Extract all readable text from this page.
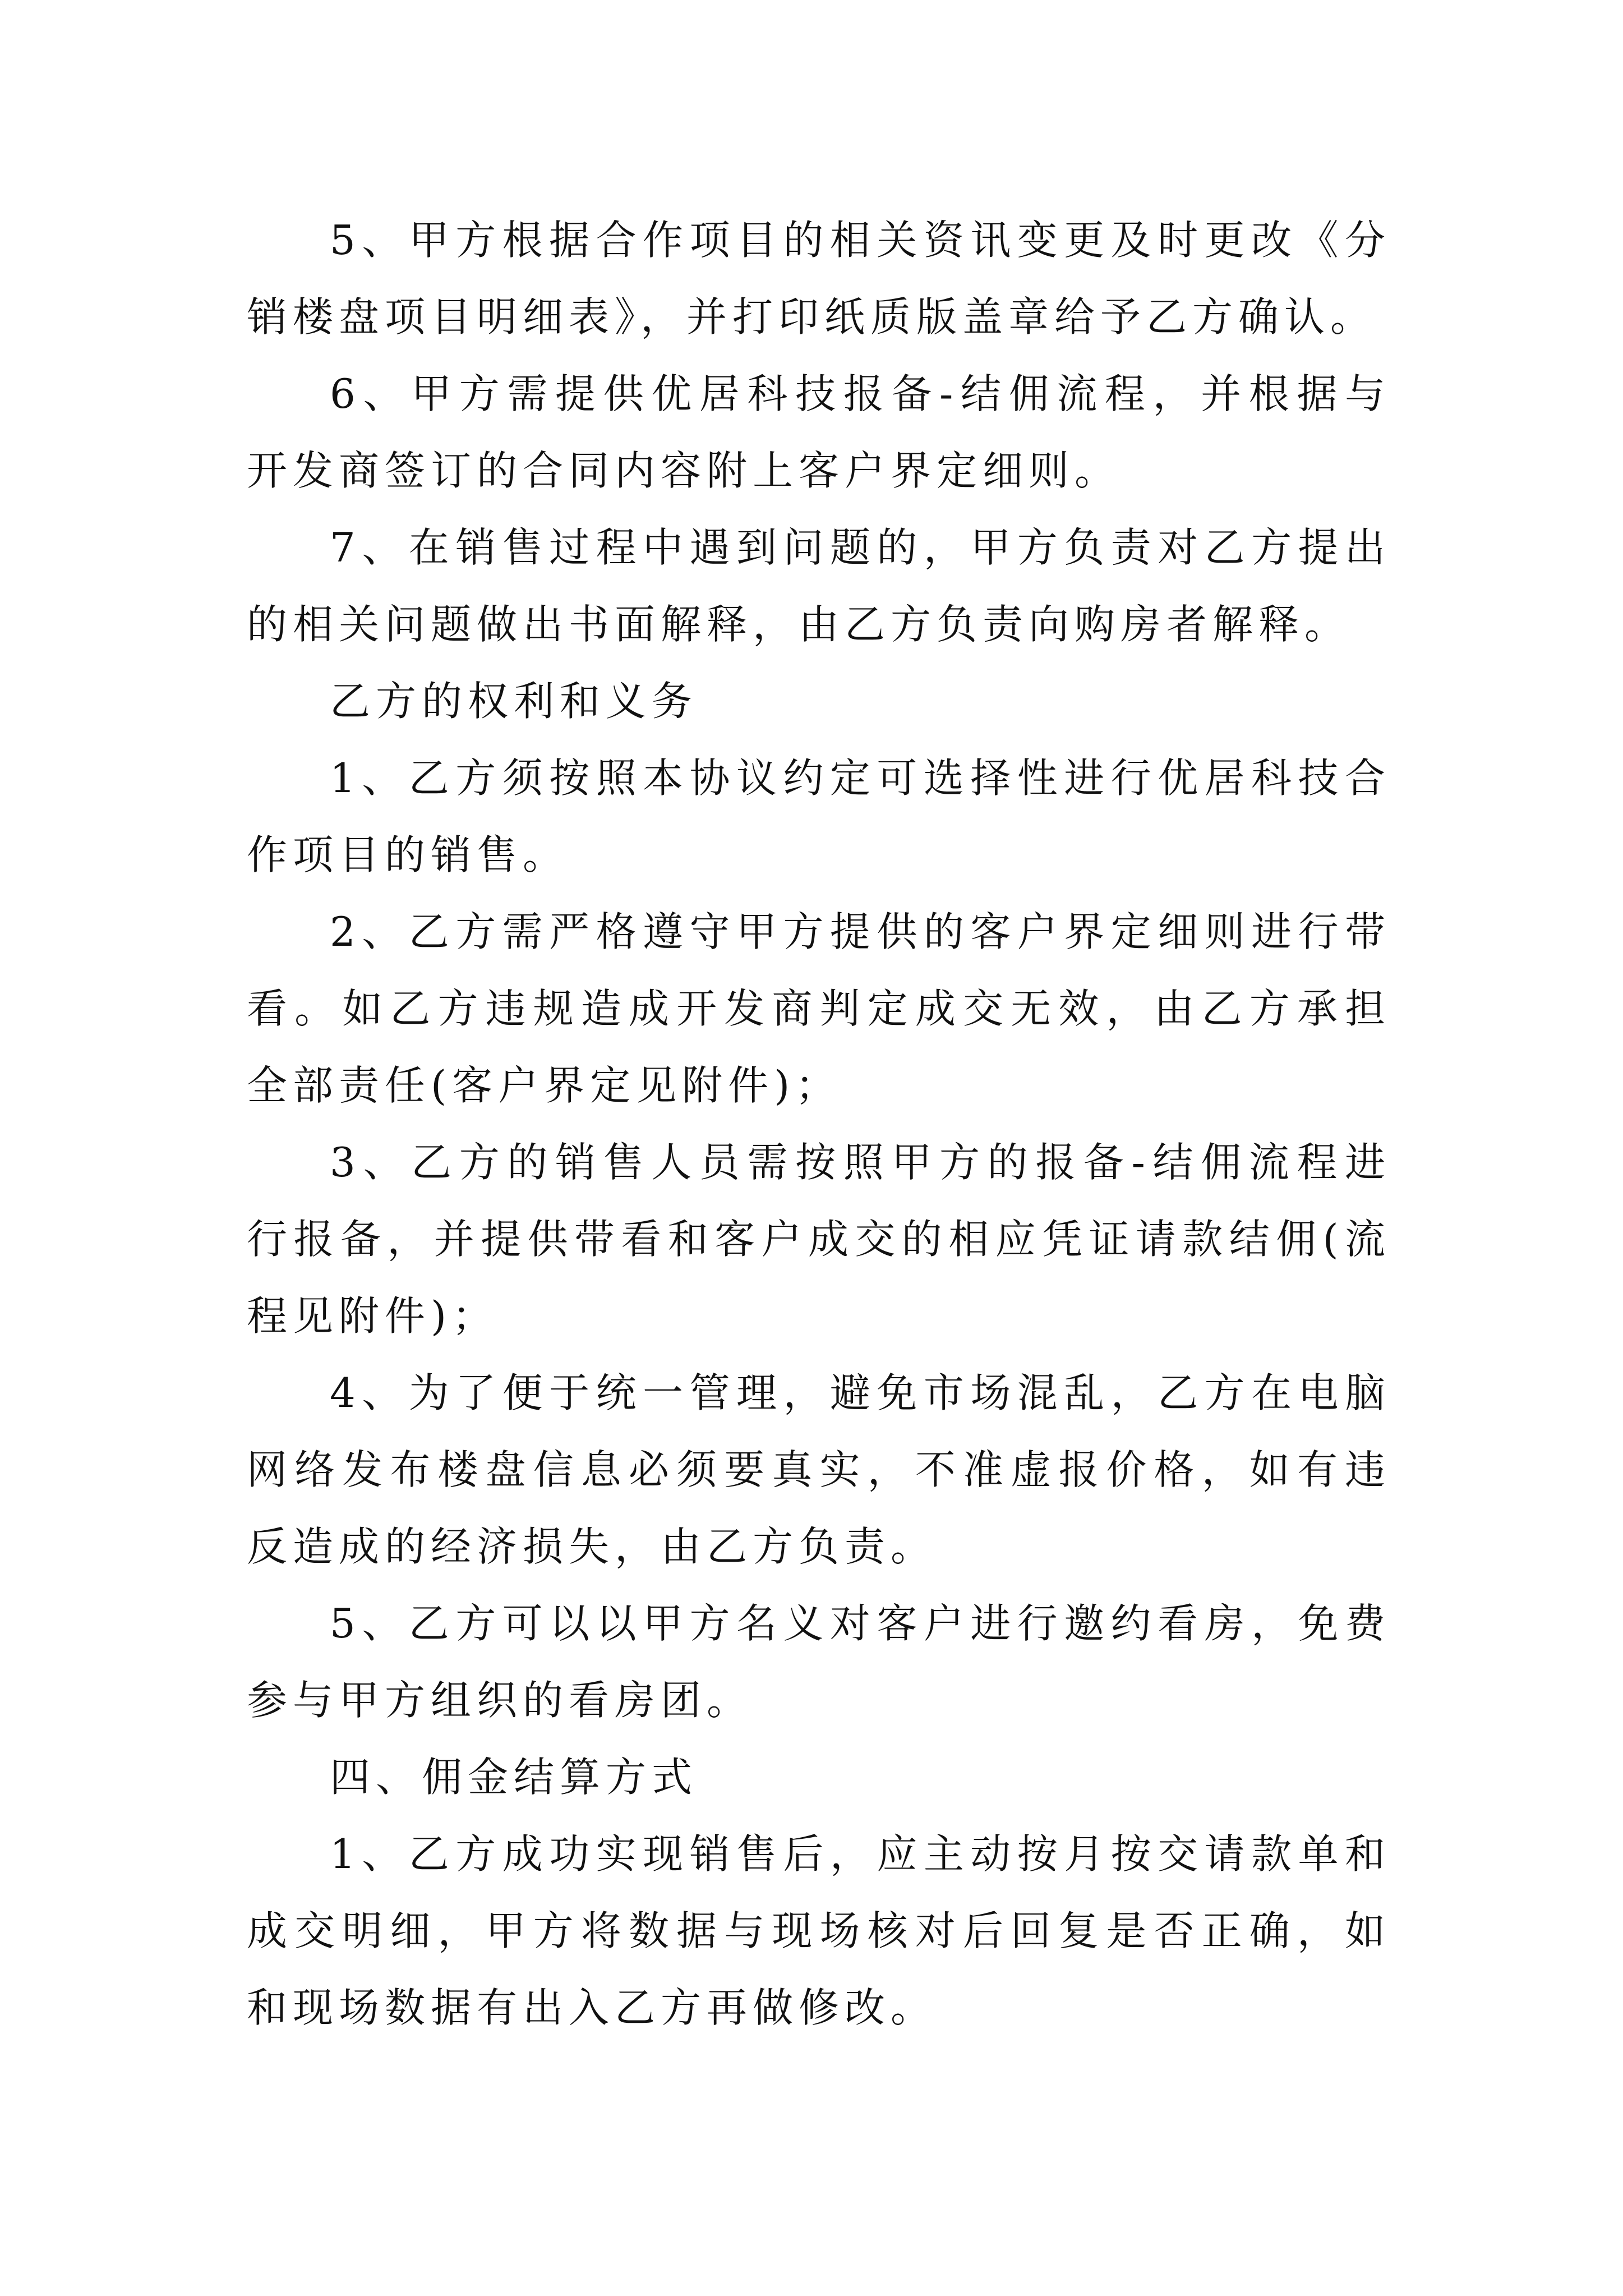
5、甲方根据合作项目的相关资讯变更及时更改《分销楼盘项目明细表》，并打印纸质版盖章给予乙方确认。

6、甲方需提供优居科技报备-结佣流程，并根据与开发商签订的合同内容附上客户界定细则。

7、在销售过程中遇到问题的，甲方负责对乙方提出的相关问题做出书面解释，由乙方负责向购房者解释。

乙方的权利和义务

1、乙方须按照本协议约定可选择性进行优居科技合作项目的销售。

2、乙方需严格遵守甲方提供的客户界定细则进行带看。如乙方违规造成开发商判定成交无效，由乙方承担全部责任(客户界定见附件)；

3、乙方的销售人员需按照甲方的报备-结佣流程进行报备，并提供带看和客户成交的相应凭证请款结佣(流程见附件)；

4、为了便于统一管理，避免市场混乱，乙方在电脑网络发布楼盘信息必须要真实，不准虚报价格，如有违反造成的经济损失，由乙方负责。

5、乙方可以以甲方名义对客户进行邀约看房，免费参与甲方组织的看房团。

四、佣金结算方式

1、乙方成功实现销售后，应主动按月按交请款单和成交明细，甲方将数据与现场核对后回复是否正确，如和现场数据有出入乙方再做修改。
